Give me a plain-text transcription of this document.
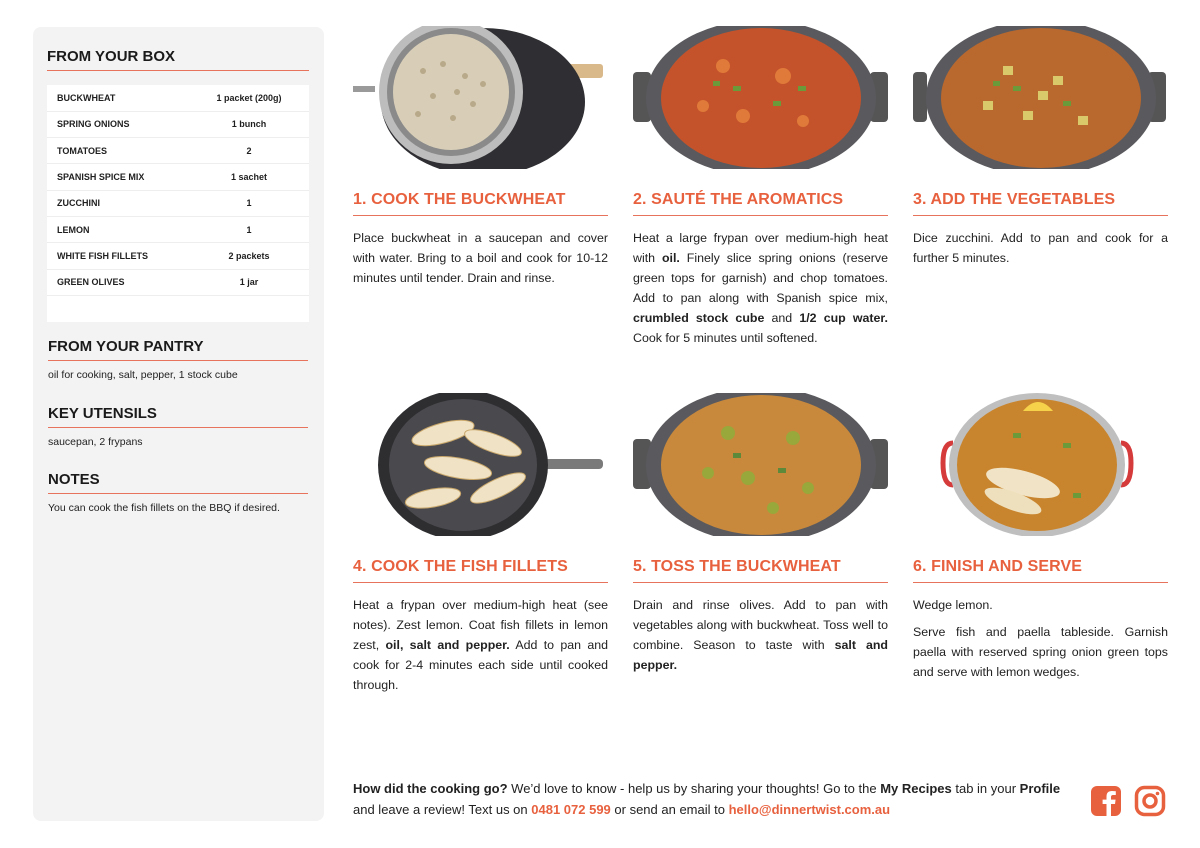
FROM YOUR BOX
BUCKWHEAT	1 packet (200g)
SPRING ONIONS	1 bunch
TOMATOES	2
SPANISH SPICE MIX	1 sachet
ZUCCHINI	1
LEMON	1
WHITE FISH FILLETS	2 packets
GREEN OLIVES	1 jar

FROM YOUR PANTRY

oil for cooking, salt, pepper, 1 stock cube

KEY UTENSILS

saucepan, 2 frypans

NOTES

You can cook the fish fillets on the BBQ if desired.

1. COOK THE BUCKWHEAT

Place buckwheat in a saucepan and cover with water. Bring to a boil and cook for 10-12 minutes until tender. Drain and rinse.

2. SAUTÉ THE AROMATICS

Heat a large frypan over medium-high heat with oil. Finely slice spring onions (reserve green tops for garnish) and chop tomatoes. Add to pan along with Spanish spice mix, crumbled stock cube and 1/2 cup water. Cook for 5 minutes until softened.

3. ADD THE VEGETABLES

Dice zucchini. Add to pan and cook for a further 5 minutes.

4. COOK THE FISH FILLETS

Heat a frypan over medium-high heat (see notes). Zest lemon. Coat fish fillets in lemon zest, oil, salt and pepper. Add to pan and cook for 2-4 minutes each side until cooked through.

5. TOSS THE BUCKWHEAT

Drain and rinse olives. Add to pan with vegetables along with buckwheat. Toss well to combine. Season to taste with salt and pepper.

6. FINISH AND SERVE

Wedge lemon.

Serve fish and paella tableside. Garnish paella with reserved spring onion green tops and serve with lemon wedges.

How did the cooking go? We’d love to know - help us by sharing your thoughts! Go to the My Recipes tab in your Profile and leave a review! Text us on 0481 072 599 or send an email to hello@dinnertwist.com.au
